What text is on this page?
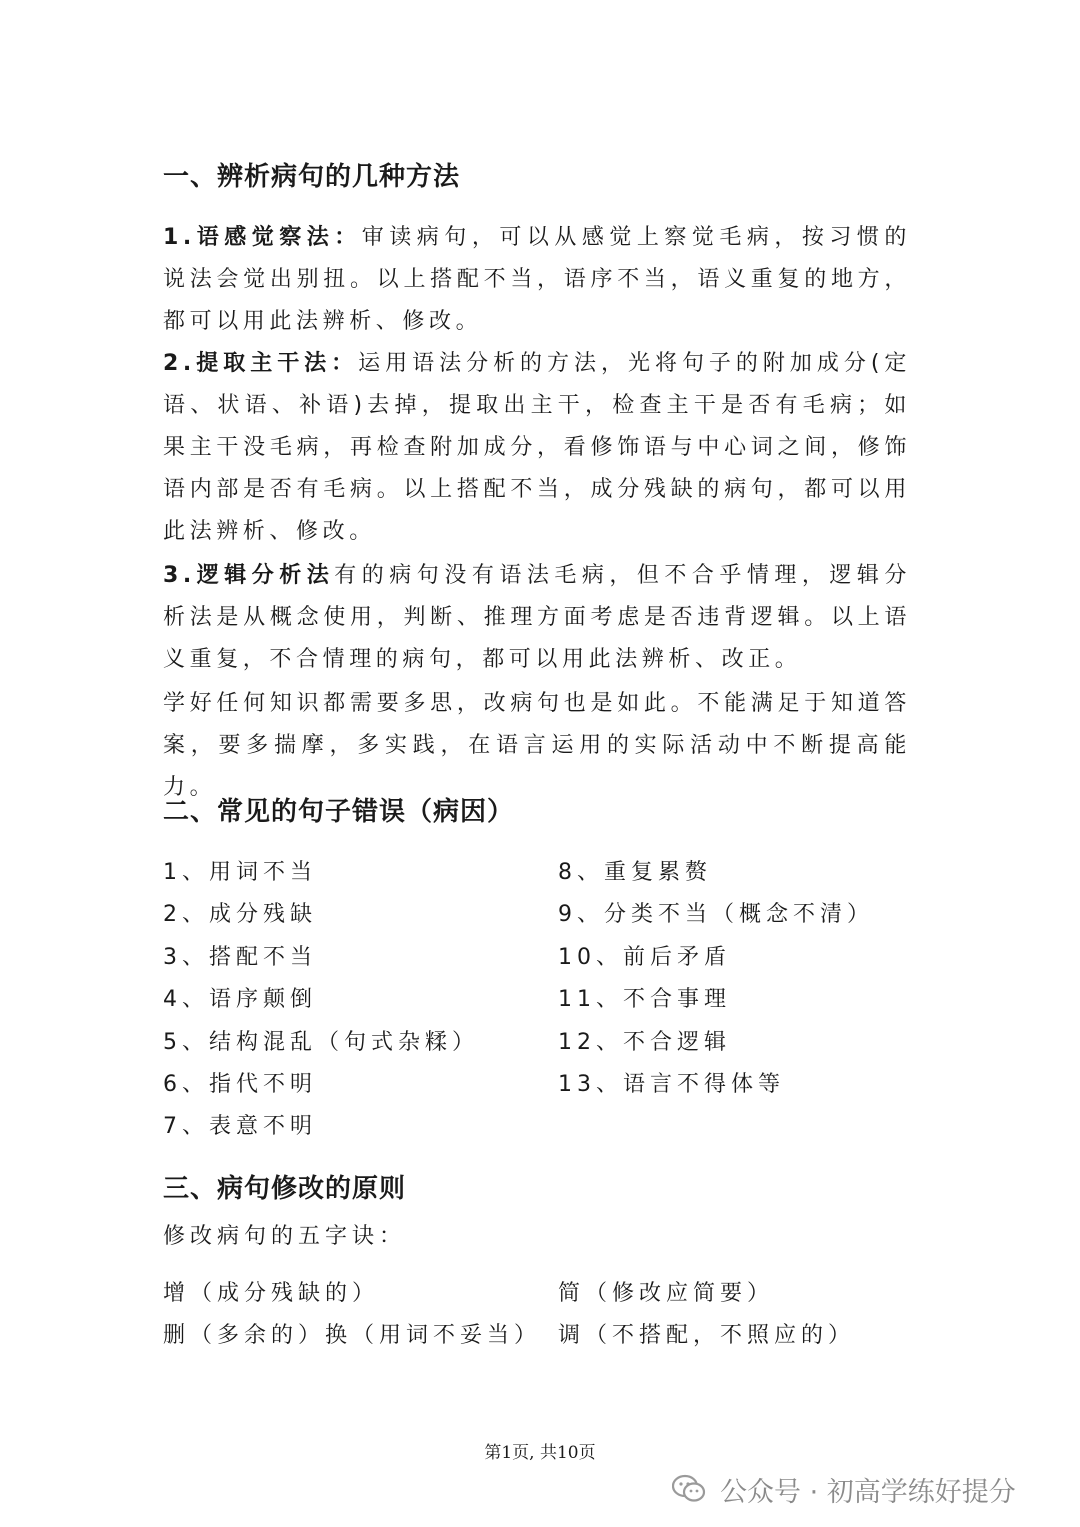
一、辨析病句的几种方法

1.语感觉察法：审读病句，可以从感觉上察觉毛病，按习惯的说法会觉出别扭。以上搭配不当，语序不当，语义重复的地方，都可以用此法辨析、修改。

2.提取主干法：运用语法分析的方法，光将句子的附加成分(定语、状语、补语)去掉，提取出主干，检查主干是否有毛病；如果主干没毛病，再检查附加成分，看修饰语与中心词之间，修饰语内部是否有毛病。以上搭配不当，成分残缺的病句，都可以用此法辨析、修改。

3.逻辑分析法有的病句没有语法毛病，但不合乎情理，逻辑分析法是从概念使用，判断、推理方面考虑是否违背逻辑。以上语义重复，不合情理的病句，都可以用此法辨析、改正。

学好任何知识都需要多思，改病句也是如此。不能满足于知道答案，要多揣摩，多实践，在语言运用的实际活动中不断提高能力。

二、常见的句子错误（病因）
1、用词不当
2、成分残缺
3、搭配不当
4、语序颠倒
5、结构混乱（句式杂糅）
6、指代不明
7、表意不明
8、重复累赘
9、分类不当（概念不清）
10、前后矛盾
11、不合事理
12、不合逻辑
13、语言不得体等
三、病句修改的原则

修改病句的五字诀：

增（成分残缺的）	简（修改应简要）

删（多余的）换（用词不妥当） 调（不搭配，不照应的）

第1页, 共10页
公众号 · 初高学练好提分
